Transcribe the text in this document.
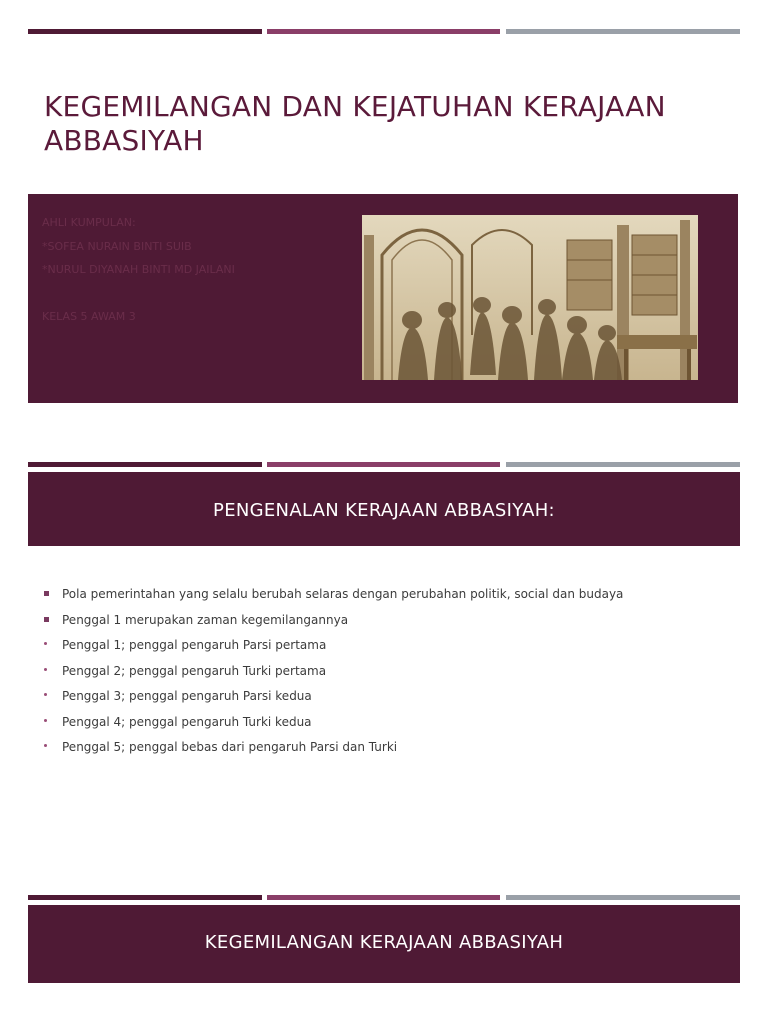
KEGEMILANGAN DAN KEJATUHAN KERAJAAN ABBASIYAH
AHLI KUMPULAN:
*SOFEA NURAIN BINTI SUIB
*NURUL DIYANAH BINTI MD JAILANI
KELAS 5 AWAM 3
PENGENALAN KERAJAAN ABBASIYAH:
Pola pemerintahan yang selalu berubah selaras dengan perubahan politik, social dan budaya
Penggal 1 merupakan zaman kegemilangannya
Penggal 1; penggal pengaruh Parsi pertama
Penggal 2; penggal pengaruh Turki pertama
Penggal 3; penggal pengaruh Parsi kedua
Penggal 4; penggal pengaruh Turki kedua
Penggal 5; penggal bebas dari pengaruh Parsi dan Turki
KEGEMILANGAN KERAJAAN ABBASIYAH
